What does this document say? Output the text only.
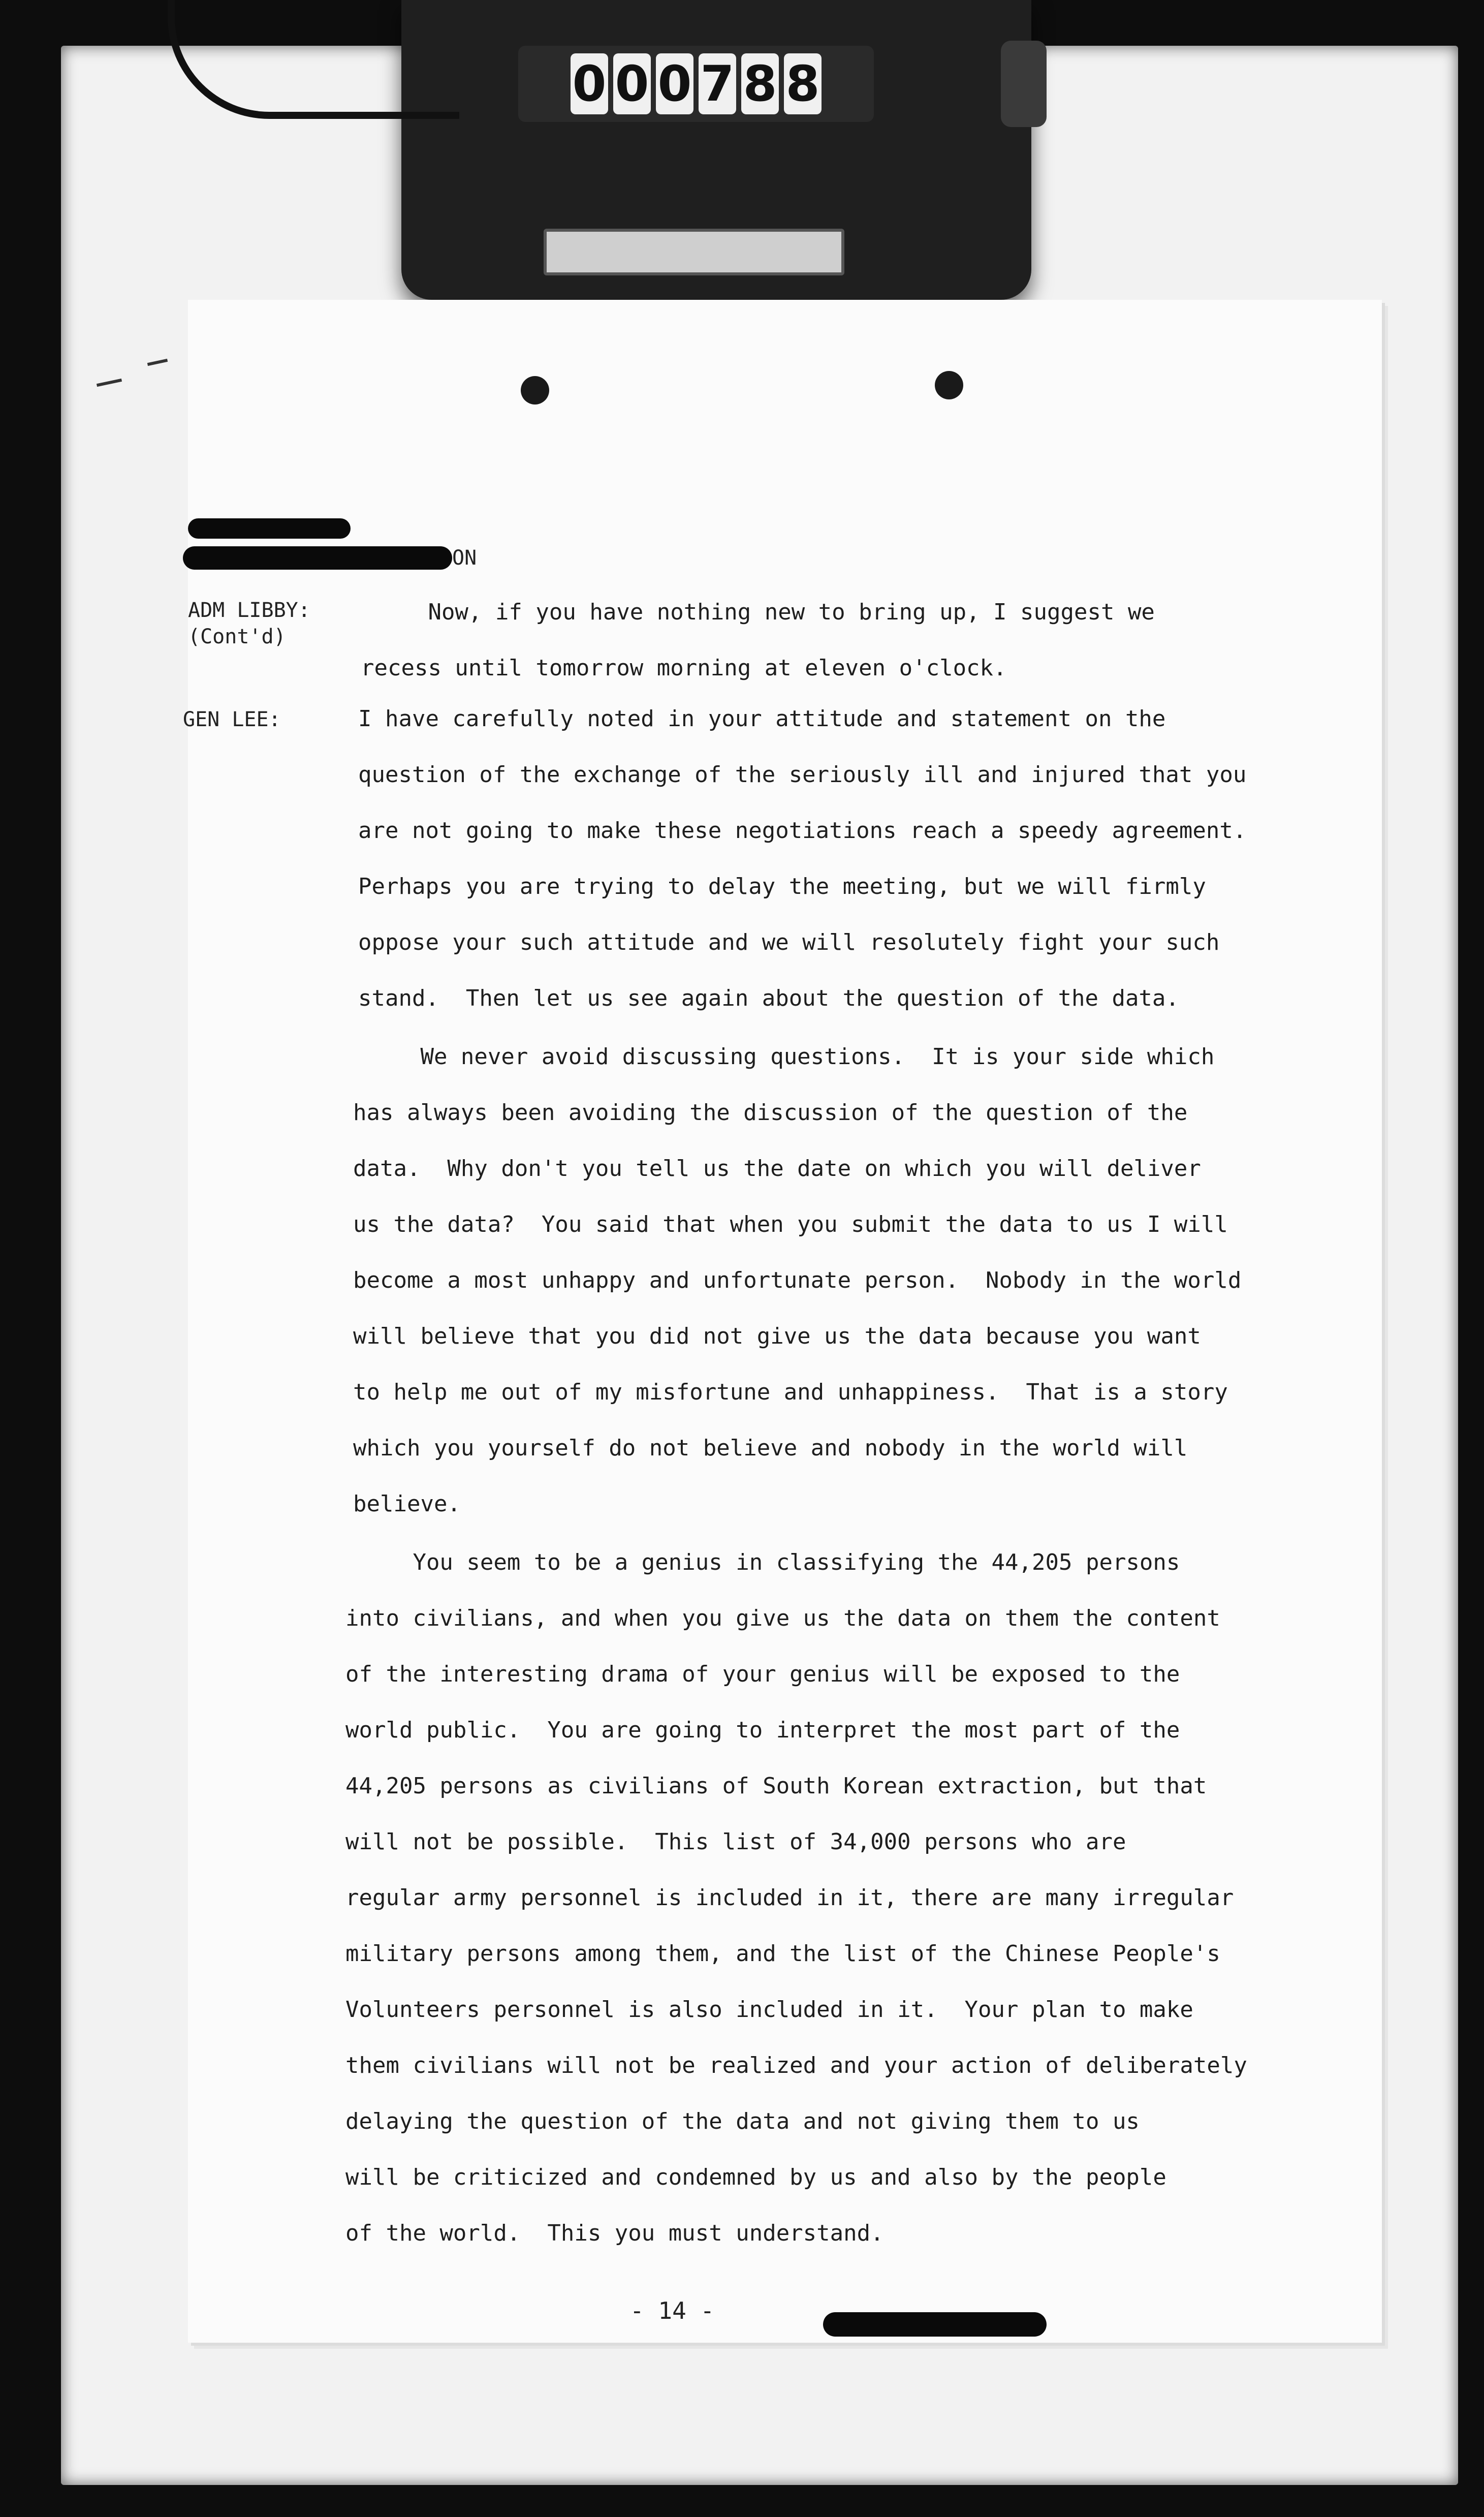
0 0 0 7 8 8
ON
ADM LIBBY:
(Cont'd)
Now, if you have nothing new to bring up, I suggest we
recess until tomorrow morning at eleven o'clock.
GEN LEE:	I have carefully noted in your attitude and statement on the
question of the exchange of the seriously ill and injured that you
are not going to make these negotiations reach a speedy agreement.
Perhaps you are trying to delay the meeting, but we will firmly
oppose your such attitude and we will resolutely fight your such
stand.  Then let us see again about the question of the data.
We never avoid discussing questions.  It is your side which
has always been avoiding the discussion of the question of the
data.  Why don't you tell us the date on which you will deliver
us the data?  You said that when you submit the data to us I will
become a most unhappy and unfortunate person.  Nobody in the world
will believe that you did not give us the data because you want
to help me out of my misfortune and unhappiness.  That is a story
which you yourself do not believe and nobody in the world will
believe.
You seem to be a genius in classifying the 44,205 persons
into civilians, and when you give us the data on them the content
of the interesting drama of your genius will be exposed to the
world public.  You are going to interpret the most part of the
44,205 persons as civilians of South Korean extraction, but that
will not be possible.  This list of 34,000 persons who are
regular army personnel is included in it, there are many irregular
military persons among them, and the list of the Chinese People's
Volunteers personnel is also included in it.  Your plan to make
them civilians will not be realized and your action of deliberately
delaying the question of the data and not giving them to us
will be criticized and condemned by us and also by the people
of the world.  This you must understand.
- 14 -
